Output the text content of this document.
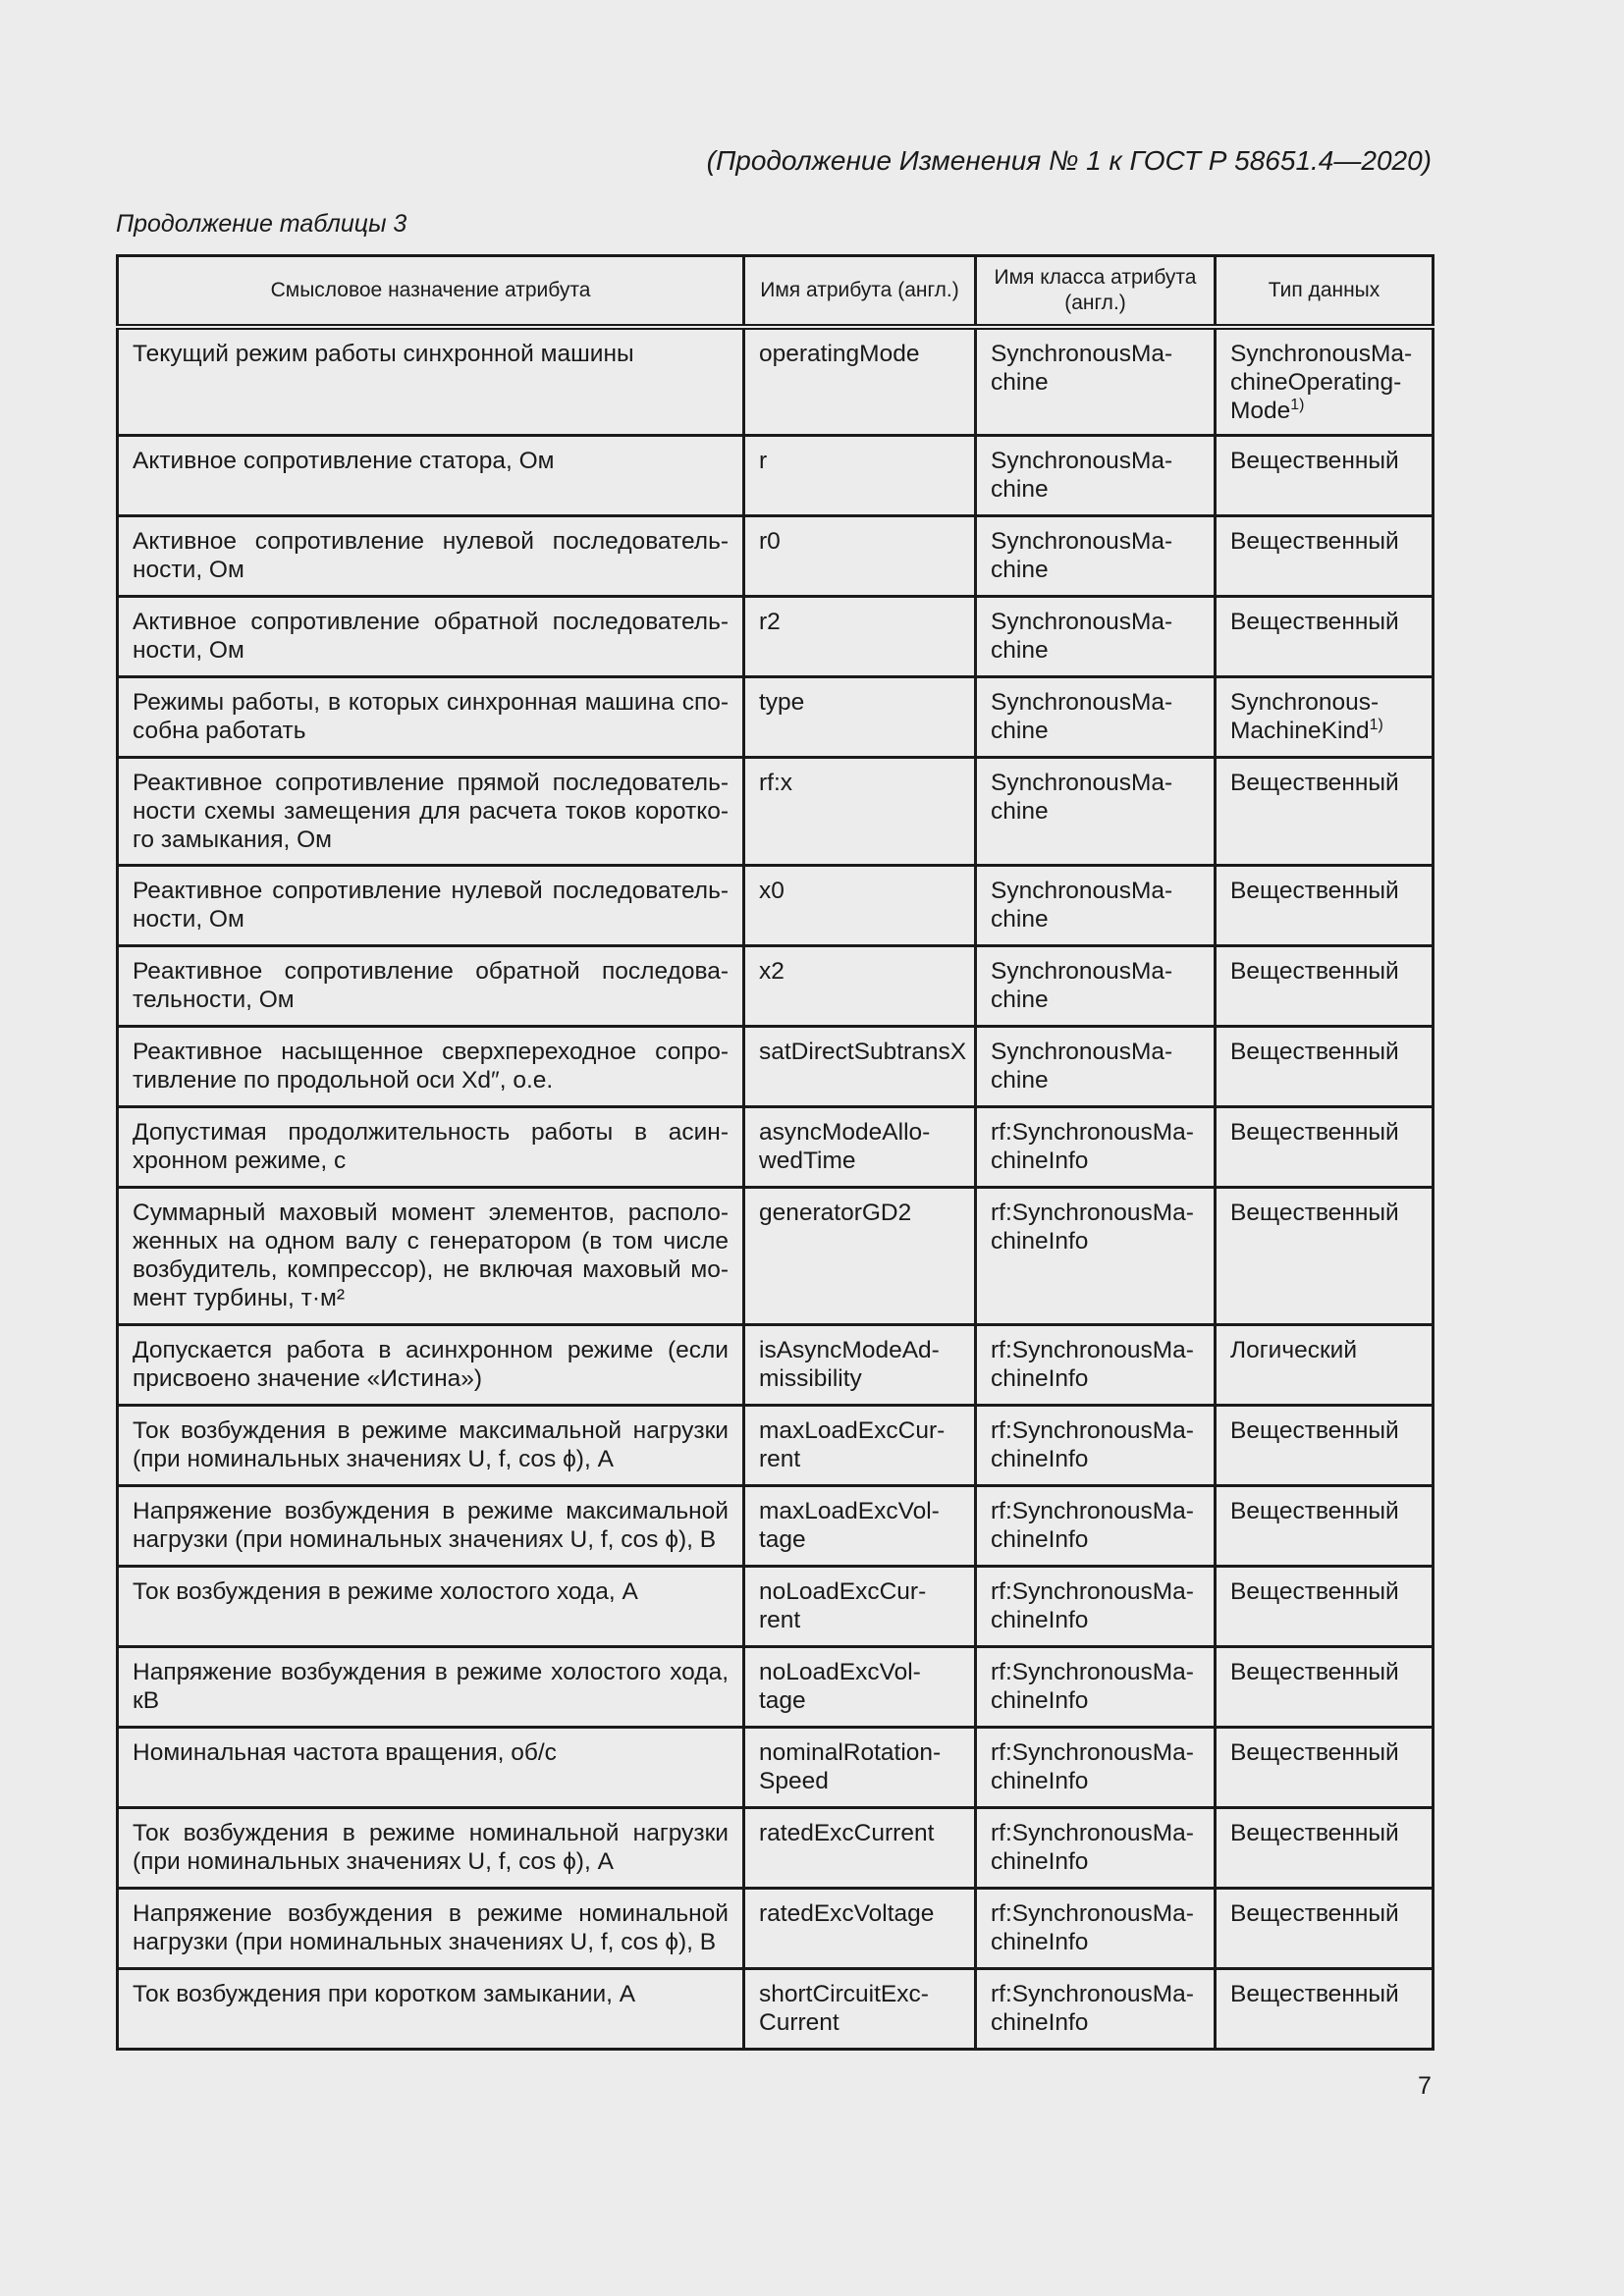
(Продолжение Изменения № 1 к ГОСТ Р 58651.4—2020)
Продолжение таблицы 3
Смысловое назначение атрибута	Имя атрибута (англ.)	Имя класса атрибута (англ.)	Тип данных
Текущий режим работы синхронной машины	operatingMode	SynchronousMa-chine	SynchronousMa-chineOperating-Mode$^{1)}$
Активное сопротивление статора, Ом	r	SynchronousMa-chine	Вещественный
Активное сопротивление нулевой последователь-ности, Ом	r0	SynchronousMa-chine	Вещественный
Активное сопротивление обратной последователь-ности, Ом	r2	SynchronousMa-chine	Вещественный
Режимы работы, в которых синхронная машина спо-собна работать	type	SynchronousMa-chine	Synchronous-MachineKind$^{1)}$
Реактивное сопротивление прямой последователь-ности схемы замещения для расчета токов коротко-го замыкания, Ом	rf:x	SynchronousMa-chine	Вещественный
Реактивное сопротивление нулевой последователь-ности, Ом	x0	SynchronousMa-chine	Вещественный
Реактивное сопротивление обратной последова-тельности, Ом	x2	SynchronousMa-chine	Вещественный
Реактивное насыщенное сверхпереходное сопро-тивление по продольной оси Xd″, о.е.	satDirectSubtransX	SynchronousMa-chine	Вещественный
Допустимая продолжительность работы в асин-хронном режиме, с	asyncModeAllo-wedTime	rf:SynchronousMa-chineInfo	Вещественный
Суммарный маховый момент элементов, располо-женных на одном валу с генератором (в том числе возбудитель, компрессор), не включая маховый мо-мент турбины, т·м²	generatorGD2	rf:SynchronousMa-chineInfo	Вещественный
Допускается работа в асинхронном режиме (если присвоено значение «Истина»)	isAsyncModeAd-missibility	rf:SynchronousMa-chineInfo	Логический
Ток возбуждения в режиме максимальной нагрузки (при номинальных значениях U, f, cos ϕ), А	maxLoadExcCur-rent	rf:SynchronousMa-chineInfo	Вещественный
Напряжение возбуждения в режиме максимальной нагрузки (при номинальных значениях U, f, cos ϕ), В	maxLoadExcVol-tage	rf:SynchronousMa-chineInfo	Вещественный
Ток возбуждения в режиме холостого хода, А	noLoadExcCur-rent	rf:SynchronousMa-chineInfo	Вещественный
Напряжение возбуждения в режиме холостого хода, кВ	noLoadExcVol-tage	rf:SynchronousMa-chineInfo	Вещественный
Номинальная частота вращения, об/с	nominalRotation-Speed	rf:SynchronousMa-chineInfo	Вещественный
Ток возбуждения в режиме номинальной нагрузки (при номинальных значениях U, f, cos ϕ), А	ratedExcCurrent	rf:SynchronousMa-chineInfo	Вещественный
Напряжение возбуждения в режиме номинальной нагрузки (при номинальных значениях U, f, cos ϕ), В	ratedExcVoltage	rf:SynchronousMa-chineInfo	Вещественный
Ток возбуждения при коротком замыкании, А	shortCircuitExc-Current	rf:SynchronousMa-chineInfo	Вещественный
7
